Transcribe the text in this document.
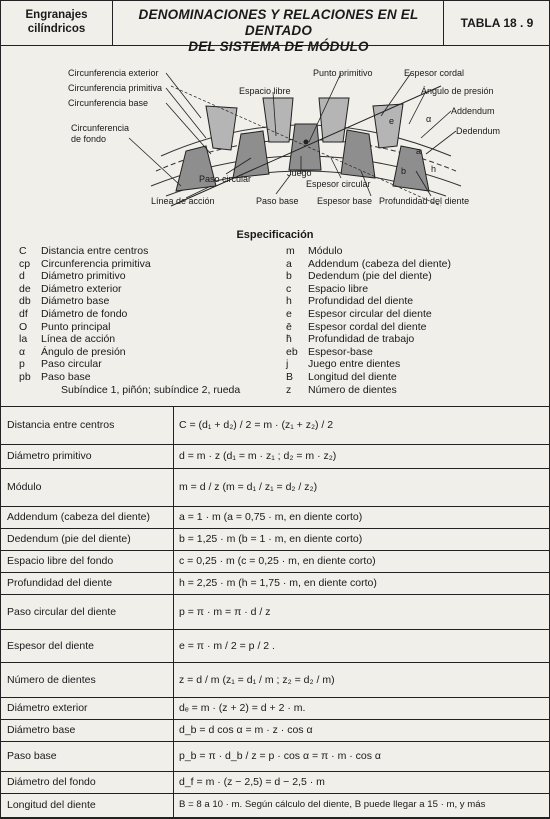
Engranajes
cilíndricos
DENOMINACIONES Y RELACIONES EN EL DENTADO
DEL SISTEMA DE MÓDULO
TABLA 18 . 9
Circunferencia exterior
Circunferencia primitiva
Circunferencia base
Circunferencia
de fondo
Espacio libre
Punto primitivo	Espesor cordal
Ángulo de presión
Addendum
Dedendum
Paso circular
Juego
Espesor circular
Línea de acción	Paso base Espesor base Profundidad del diente
α
a
b
e
h
Especificación
C	Distancia entre centros
cp	Circunferencia primitiva
d	Diámetro primitivo
de Diámetro exterior
db Diámetro base
df	Diámetro de fondo
O	Punto principal
la	Línea de acción
α	Ángulo de presión
p	Paso circular
pb Paso base
Subíndice 1, piñón; subíndice 2, rueda
m	Módulo
a	Addendum (cabeza del diente)
b	Dedendum (pie del diente)
c	Espacio libre
h	Profundidad del diente
e	Espesor circular del diente
ē	Espesor cordal del diente
h̄	Profundidad de trabajo
eb Espesor-base
j	Juego entre dientes
B	Longitud del diente
z	Número de dientes
Distancia entre centros	C = (d₁ + d₂) / 2 = m · (z₁ + z₂) / 2
Diámetro primitivo	d = m · z (d₁ = m · z₁ ; d₂ = m · z₂)
Módulo	m = d / z (m = d₁ / z₁ = d₂ / z₂)
Addendum (cabeza del diente)	a = 1 · m (a = 0,75 · m, en diente corto)
Dedendum (pie del diente)	b = 1,25 · m (b = 1 · m, en diente corto)
Espacio libre del fondo	c = 0,25 · m (c = 0,25 · m, en diente corto)
Profundidad del diente	h = 2,25 · m (h = 1,75 · m, en diente corto)
Paso circular del diente	p = π · m = π · d / z
Espesor del diente	e = π · m / 2 = p / 2 .
Número de dientes	z = d / m (z₁ = d₁ / m ; z₂ = d₂ / m)
Diámetro exterior	dₑ = m · (z + 2) = d + 2 · m.
Diámetro base	d_b = d cos α = m · z · cos α
Paso base	p_b = π · d_b / z = p · cos α = π · m · cos α
Diámetro del fondo	d_f = m · (z − 2,5) = d − 2,5 · m
Longitud del diente	B = 8 a 10 · m. Según cálculo del diente, B puede llegar a 15 · m, y más
